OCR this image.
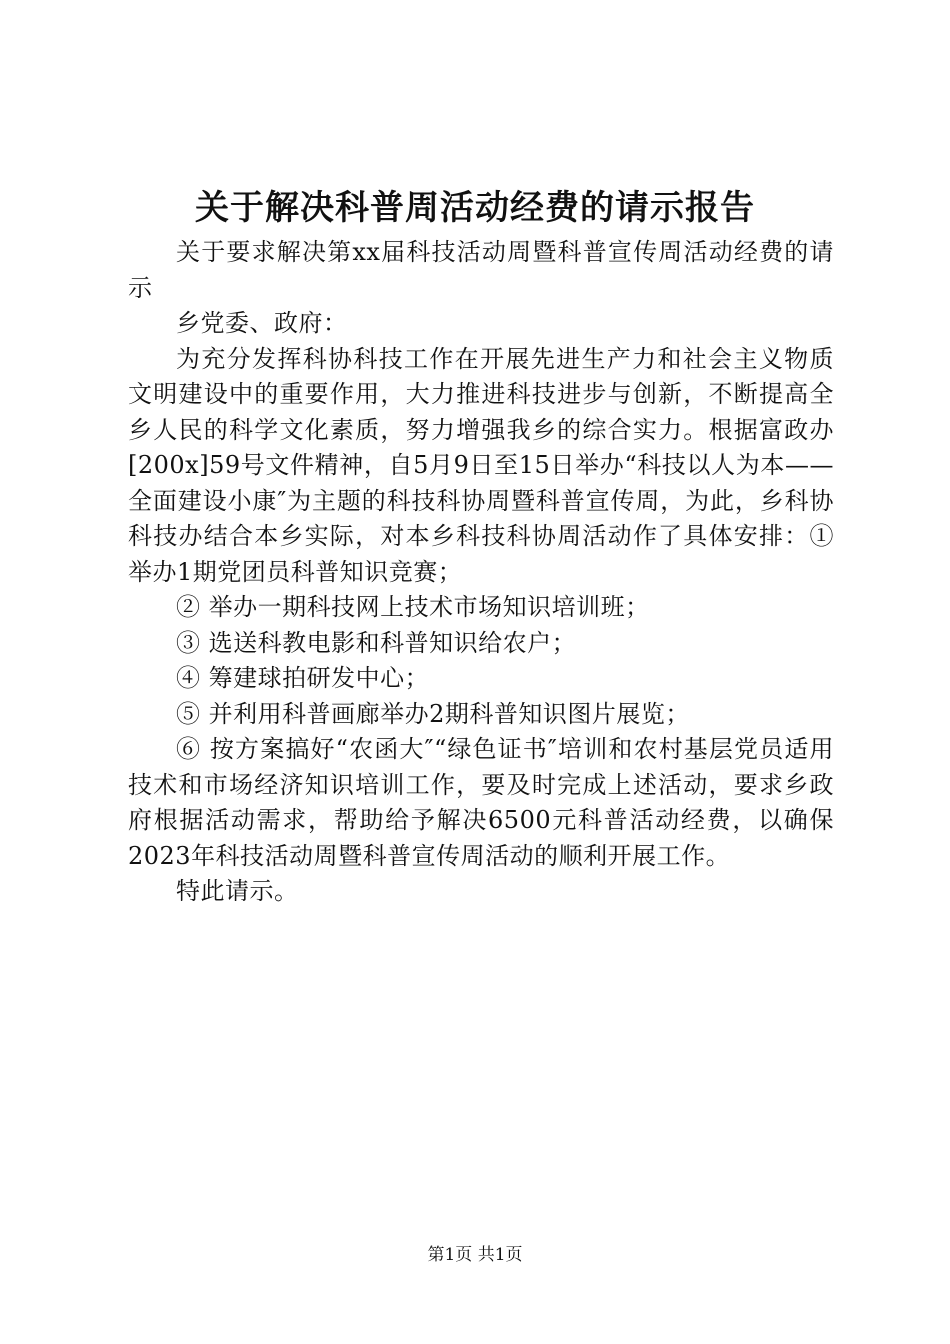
关于解决科普周活动经费的请示报告

关于要求解决第xx届科技活动周暨科普宣传周活动经费的请示

乡党委、政府：

为充分发挥科协科技工作在开展先进生产力和社会主义物质文明建设中的重要作用，大力推进科技进步与创新，不断提高全乡人民的科学文化素质，努力增强我乡的综合实力。根据富政办[200x]59号文件精神，自5月9日至15日举办“科技以人为本——全面建设小康″为主题的科技科协周暨科普宣传周，为此，乡科协科技办结合本乡实际，对本乡科技科协周活动作了具体安排：①举办1期党团员科普知识竞赛；

② 举办一期科技网上技术市场知识培训班；

③ 选送科教电影和科普知识给农户；

④ 筹建球拍研发中心；

⑤ 并利用科普画廊举办2期科普知识图片展览；

⑥ 按方案搞好“农函大″“绿色证书″培训和农村基层党员适用技术和市场经济知识培训工作，要及时完成上述活动，要求乡政府根据活动需求，帮助给予解决6500元科普活动经费，以确保2023年科技活动周暨科普宣传周活动的顺利开展工作。

特此请示。

第1页 共1页
